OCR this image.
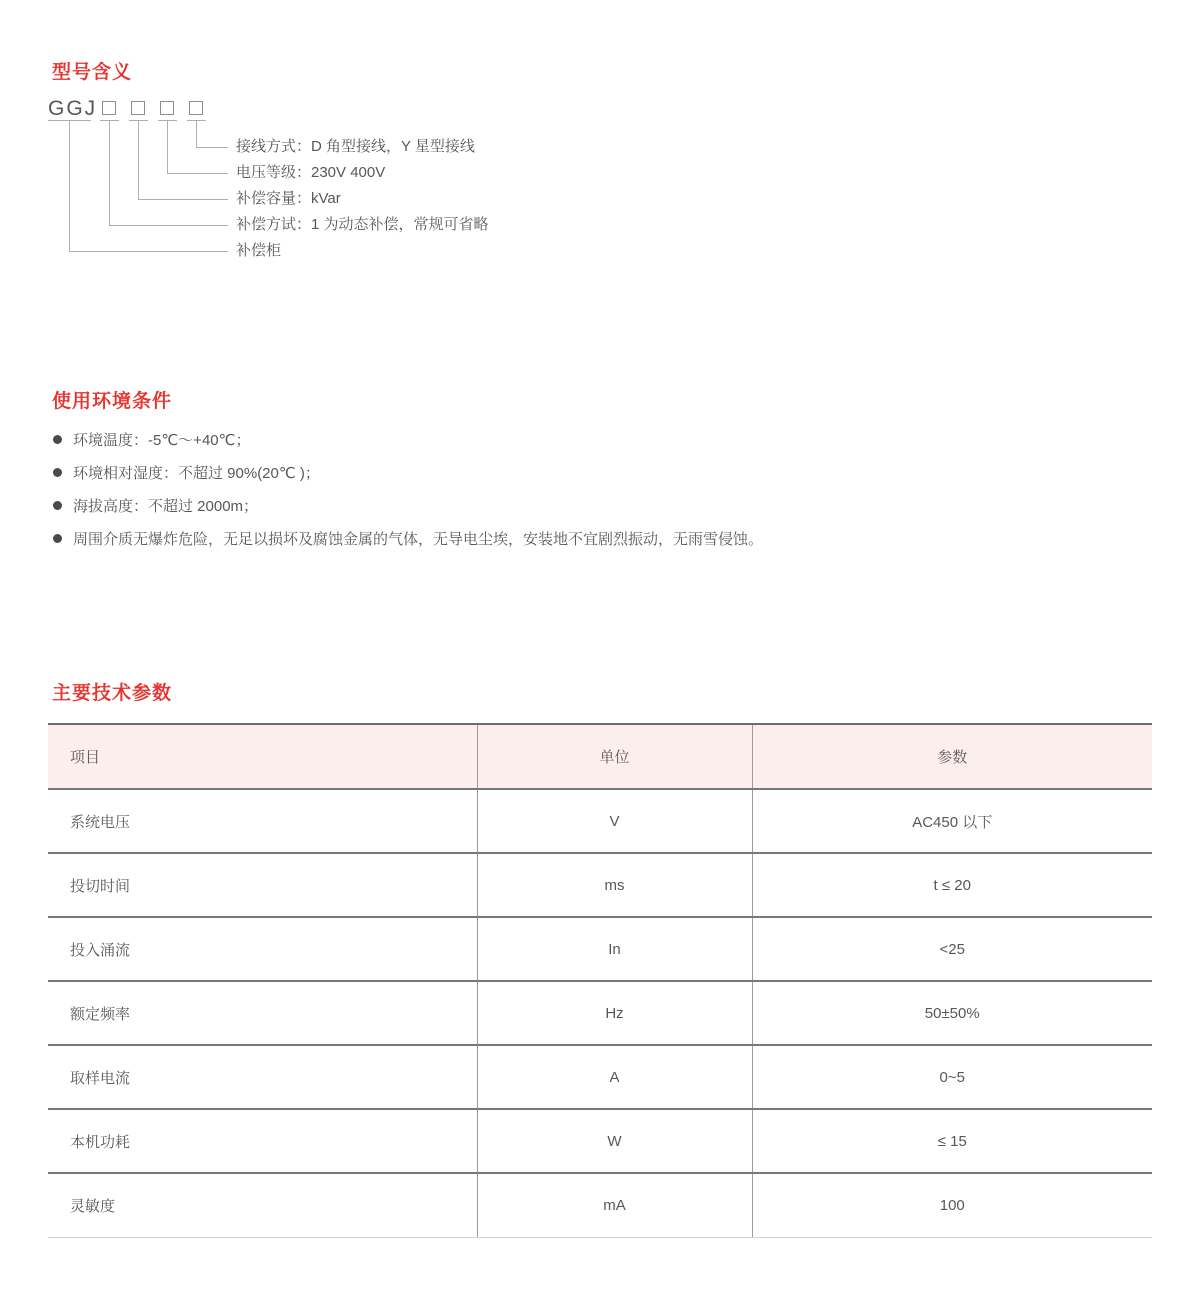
型号含义
GGJ
接线方式：D 角型接线，Y 星型接线
电压等级：230V 400V
补偿容量：kVar
补偿方试：1 为动态补偿，常规可省略
补偿柜
使用环境条件
环境温度：-5℃～+40℃；
环境相对湿度：不超过 90%(20℃ )；
海拔高度：不超过 2000m；
周围介质无爆炸危险，无足以损坏及腐蚀金属的气体，无导电尘埃，安装地不宜剧烈振动，无雨雪侵蚀。
主要技术参数
项目	单位	参数
系统电压	V	AC450 以下
投切时间	ms	t ≤ 20
投入涌流	In	<25
额定频率	Hz	50±50%
取样电流	A	0~5
本机功耗	W	≤ 15
灵敏度	mA	100
